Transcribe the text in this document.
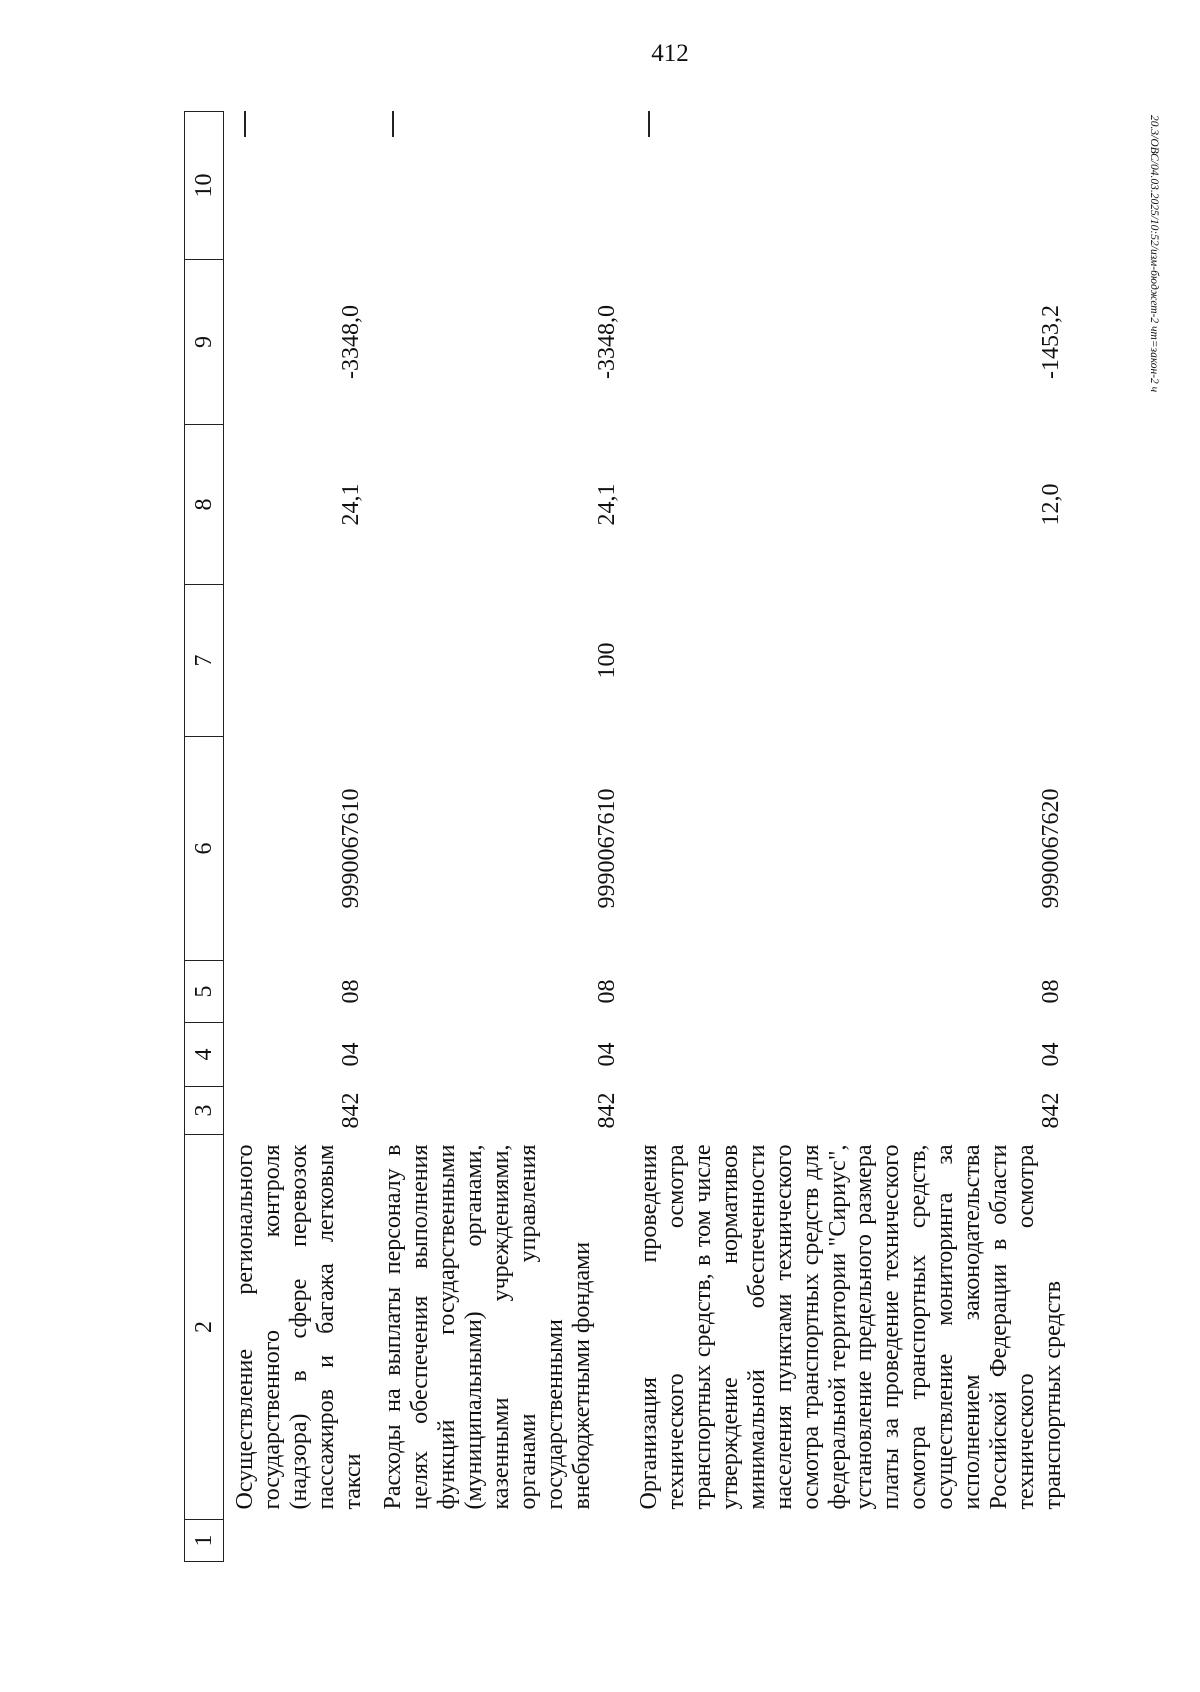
412
20.3/ОВС/04.03.2025/10:52/изм-бюджет-2 чт=закон-2 ч
1	2	3	4	5	6	7	8	9	10
	Осуществление регионального государственного контроля (надзора) в сфере перевозок пассажиров и багажа легковым такси	842	04	08	9990067610		24,1	-3348,0	
	Расходы на выплаты персоналу в целях обеспечения выполнения функций государственными (муниципальными) органами, казенными учреждениями, органами управления государственными внебюджетными фондами	842	04	08	9990067610	100	24,1	-3348,0	
	Организация проведения технического осмотра транспортных средств, в том числе утверждение нормативов минимальной обеспеченности населения пунктами технического осмотра транспортных средств для федеральной территории "Сириус", установление предельного размера платы за проведение технического осмотра транспортных средств, осуществление мониторинга за исполнением законодательства Российской Федерации в области технического осмотра транспортных средств	842	04	08	9990067620		12,0	-1453,2	
